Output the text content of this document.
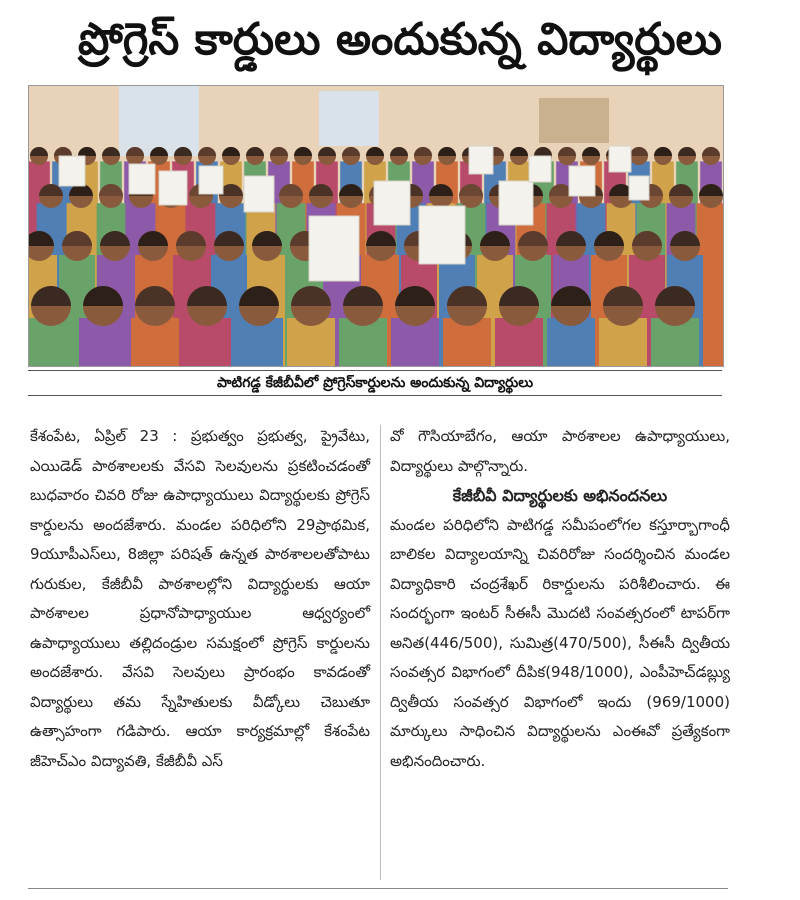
ప్రోగ్రెస్ కార్డులు అందుకున్న విద్యార్థులు
పాటిగడ్డ కేజీబీవీలో ప్రోగ్రెస్‌కార్డులను అందుకున్న విద్యార్థులు

కేశంపేట, ఏప్రిల్ 23 : ప్రభుత్వం ప్రభుత్వ, ప్రైవేటు, ఎయిడెడ్ పాఠశాలలకు వేసవి సెలవులను ప్రకటించడంతో బుధవారం చివరి రోజు ఉపాధ్యాయులు విద్యార్థులకు ప్రోగ్రెస్ కార్డులను అందజేశారు. మండల పరిధిలోని 29ప్రాథమిక, 9యూపీఎస్‌లు, 8జిల్లా పరిషత్ ఉన్నత పాఠశాలలతోపాటు గురుకుల, కేజీబీవీ పాఠశాలల్లోని విద్యార్థులకు ఆయా పాఠశాలల ప్రధానోపాధ్యాయుల ఆధ్వర్యంలో ఉపాధ్యాయులు తల్లిదండ్రుల సమక్షంలో ప్రోగ్రెస్ కార్డులను అందజేశారు. వేసవి సెలవులు ప్రారంభం కావడంతో విద్యార్థులు తమ స్నేహితులకు వీడ్కోలు చెబుతూ ఉత్సాహంగా గడిపారు. ఆయా కార్యక్రమాల్లో కేశంపేట జీహెచ్‌ఎం విద్యావతి, కేజీబీవీ ఎస్

వో గౌసియాబేగం, ఆయా పాఠశాలల ఉపాధ్యాయులు, విద్యార్థులు పాల్గొన్నారు.

కేజీబీవీ విద్యార్థులకు అభినందనలు

మండల పరిధిలోని పాటిగడ్డ సమీపంలోగల కస్తూర్బాగాంధీ బాలికల విద్యాలయాన్ని చివరిరోజు సందర్శించిన మండల విద్యాధికారి చంద్రశేఖర్ రికార్డులను పరిశీలించారు. ఈ సందర్భంగా ఇంటర్ సీఈసీ మొదటి సంవత్సరంలో టాపర్‌గా అనిత(446/500), సుమిత్ర(470/500), సీఈసీ ద్వితీయ సంవత్సర విభాగంలో దీపిక(948/1000), ఎంపీహెచ్‌డబ్ల్యు ద్వితీయ సంవత్సర విభాగంలో ఇందు (969/1000) మార్కులు సాధించిన విద్యార్థులను ఎంఈవో ప్రత్యేకంగా అభినందించారు.
